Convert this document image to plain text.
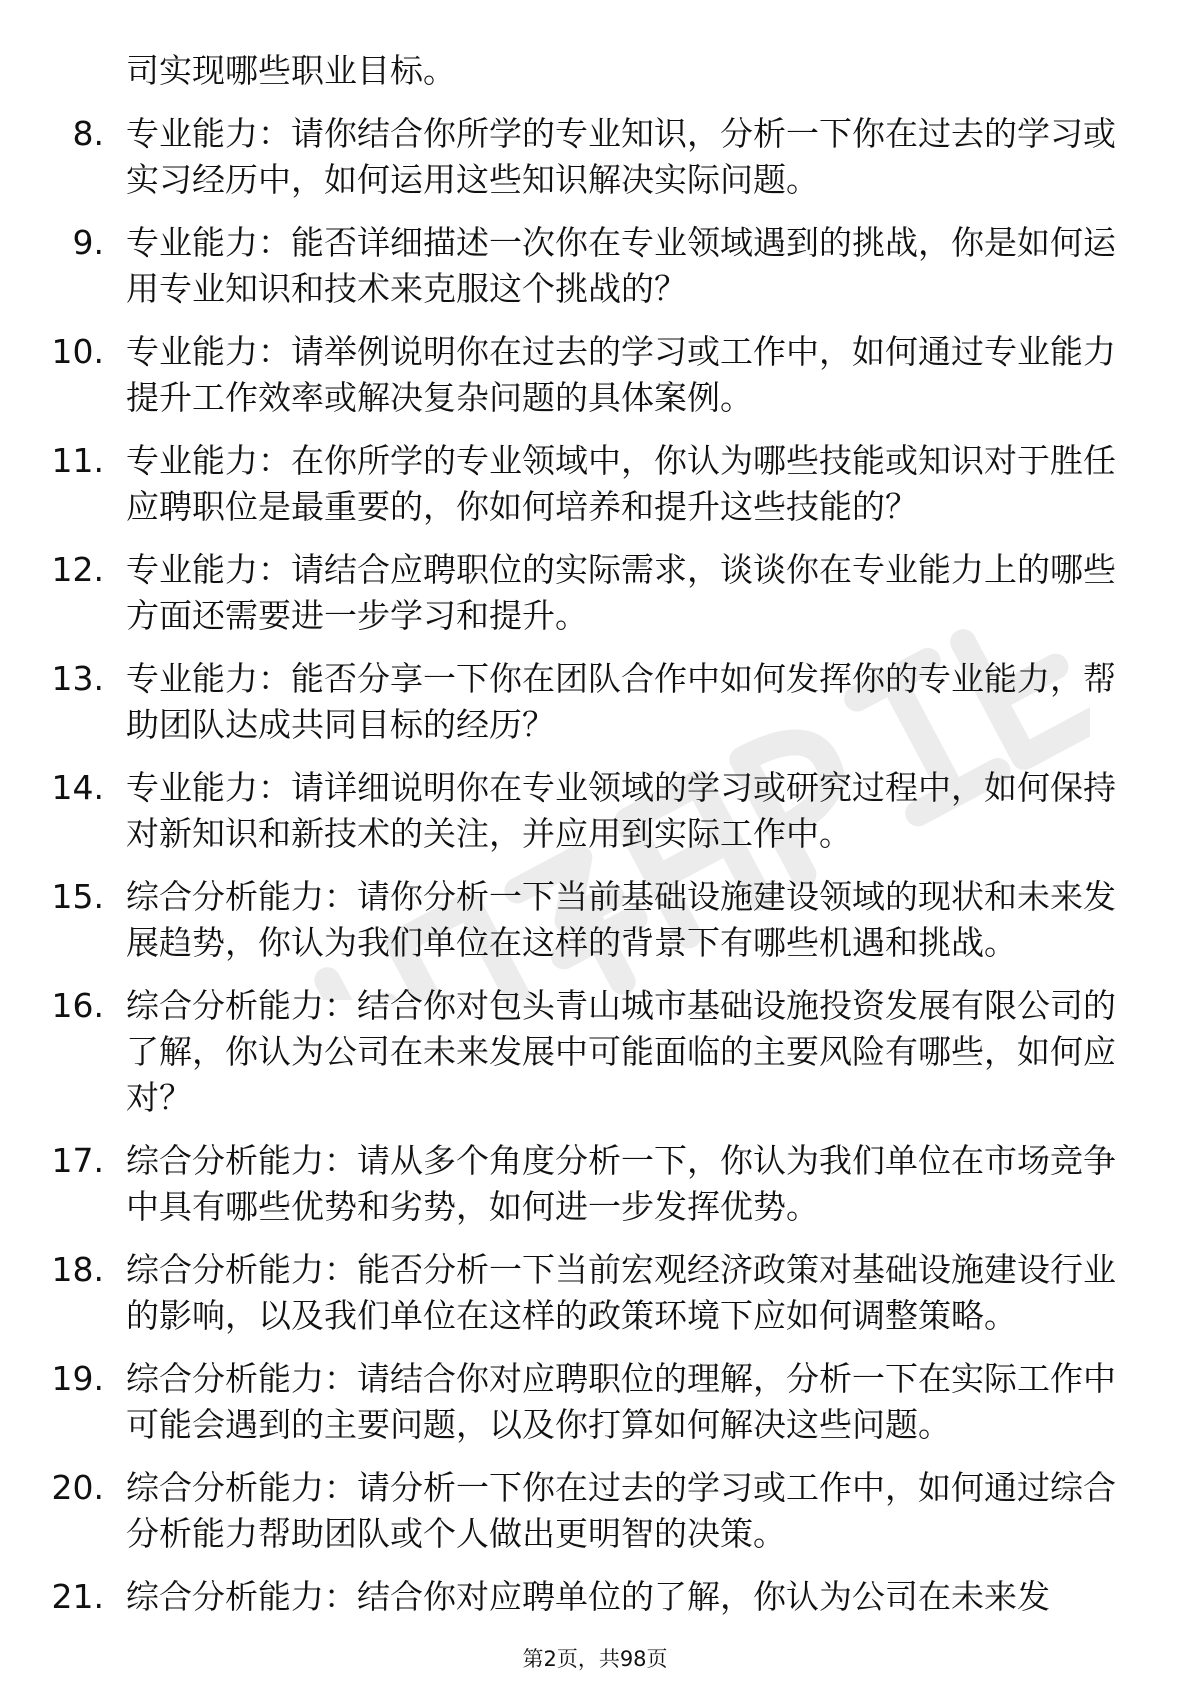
司实现哪些职业目标。
8. 专业能力：请你结合你所学的专业知识，分析一下你在过去的学习或实习经历中，如何运用这些知识解决实际问题。
9. 专业能力：能否详细描述一次你在专业领域遇到的挑战，你是如何运用专业知识和技术来克服这个挑战的？
10. 专业能力：请举例说明你在过去的学习或工作中，如何通过专业能力提升工作效率或解决复杂问题的具体案例。
11. 专业能力：在你所学的专业领域中，你认为哪些技能或知识对于胜任应聘职位是最重要的，你如何培养和提升这些技能的？
12. 专业能力：请结合应聘职位的实际需求，谈谈你在专业能力上的哪些方面还需要进一步学习和提升。
13. 专业能力：能否分享一下你在团队合作中如何发挥你的专业能力，帮助团队达成共同目标的经历？
14. 专业能力：请详细说明你在专业领域的学习或研究过程中，如何保持对新知识和新技术的关注，并应用到实际工作中。
15. 综合分析能力：请你分析一下当前基础设施建设领域的现状和未来发展趋势，你认为我们单位在这样的背景下有哪些机遇和挑战。
16. 综合分析能力：结合你对包头青山城市基础设施投资发展有限公司的了解，你认为公司在未来发展中可能面临的主要风险有哪些，如何应对？
17. 综合分析能力：请从多个角度分析一下，你认为我们单位在市场竞争中具有哪些优势和劣势，如何进一步发挥优势。
18. 综合分析能力：能否分析一下当前宏观经济政策对基础设施建设行业的影响，以及我们单位在这样的政策环境下应如何调整策略。
19. 综合分析能力：请结合你对应聘职位的理解，分析一下在实际工作中可能会遇到的主要问题，以及你打算如何解决这些问题。
20. 综合分析能力：请分析一下你在过去的学习或工作中，如何通过综合分析能力帮助团队或个人做出更明智的决策。
21. 综合分析能力：结合你对应聘单位的了解，你认为公司在未来发
第2页，共98页
